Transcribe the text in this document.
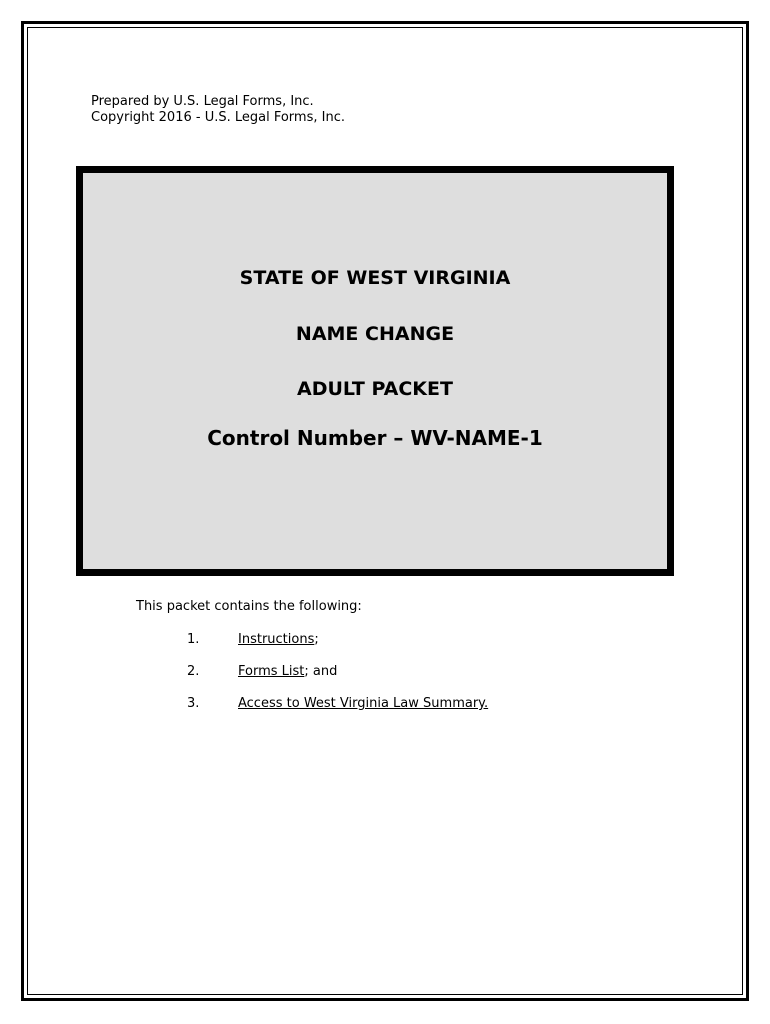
Prepared by U.S. Legal Forms, Inc.
Copyright 2016 - U.S. Legal Forms, Inc.
STATE OF WEST VIRGINIA
NAME CHANGE
ADULT PACKET
Control Number – WV-NAME-1
This packet contains the following:
1.	Instructions;
2.	Forms List; and
3.	Access to West Virginia Law Summary.
